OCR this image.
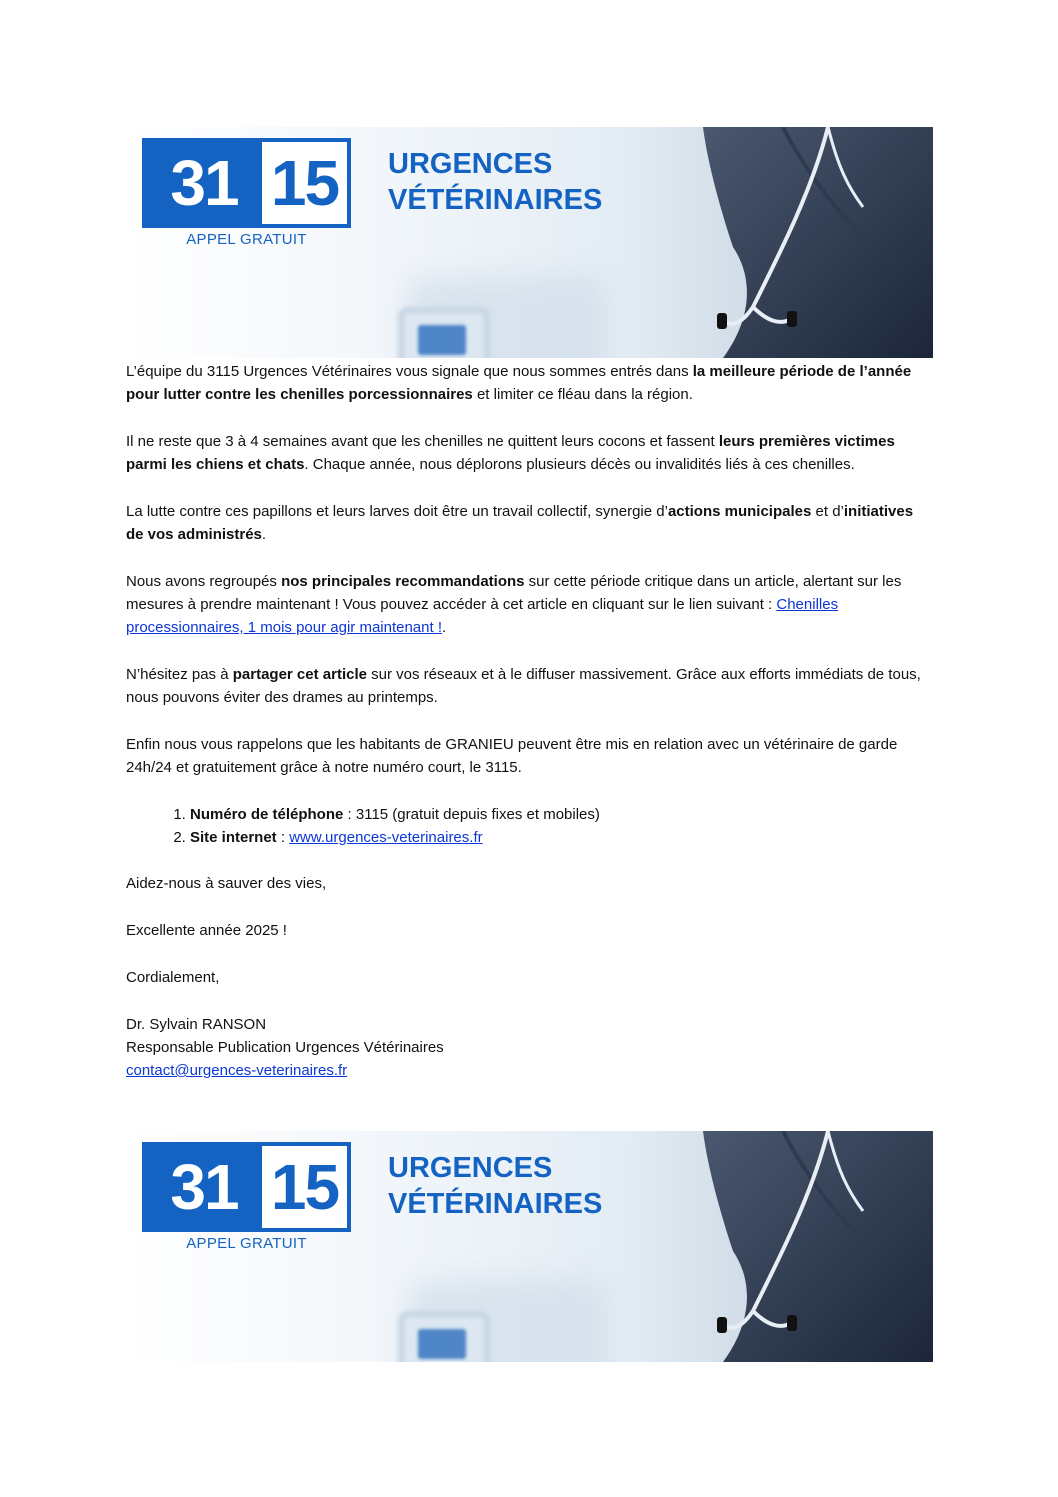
31 15
APPEL GRATUIT
URGENCES
VÉTÉRINAIRES

L’équipe du 3115 Urgences Vétérinaires vous signale que nous sommes entrés dans la meilleure période de l’année pour lutter contre les chenilles porcessionnaires et limiter ce fléau dans la région.

Il ne reste que 3 à 4 semaines avant que les chenilles ne quittent leurs cocons et fassent leurs premières victimes parmi les chiens et chats. Chaque année, nous déplorons plusieurs décès ou invalidités liés à ces chenilles.

La lutte contre ces papillons et leurs larves doit être un travail collectif, synergie d’actions municipales et d’initiatives de vos administrés.

Nous avons regroupés nos principales recommandations sur cette période critique dans un article, alertant sur les mesures à prendre maintenant ! Vous pouvez accéder à cet article en cliquant sur le lien suivant : Chenilles processionnaires, 1 mois pour agir maintenant !.

N’hésitez pas à partager cet article sur vos réseaux et à le diffuser massivement. Grâce aux efforts immédiats de tous, nous pouvons éviter des drames au printemps.

Enfin nous vous rappelons que les habitants de GRANIEU peuvent être mis en relation avec un vétérinaire de garde 24h/24 et gratuitement grâce à notre numéro court, le 3115.

1. Numéro de téléphone : 3115 (gratuit depuis fixes et mobiles)
2. Site internet : www.urgences-veterinaires.fr

Aidez-nous à sauver des vies,

Excellente année 2025 !

Cordialement,

Dr. Sylvain RANSON

Responsable Publication Urgences Vétérinaires

contact@urgences-veterinaires.fr

31 15
APPEL GRATUIT
URGENCES
VÉTÉRINAIRES
